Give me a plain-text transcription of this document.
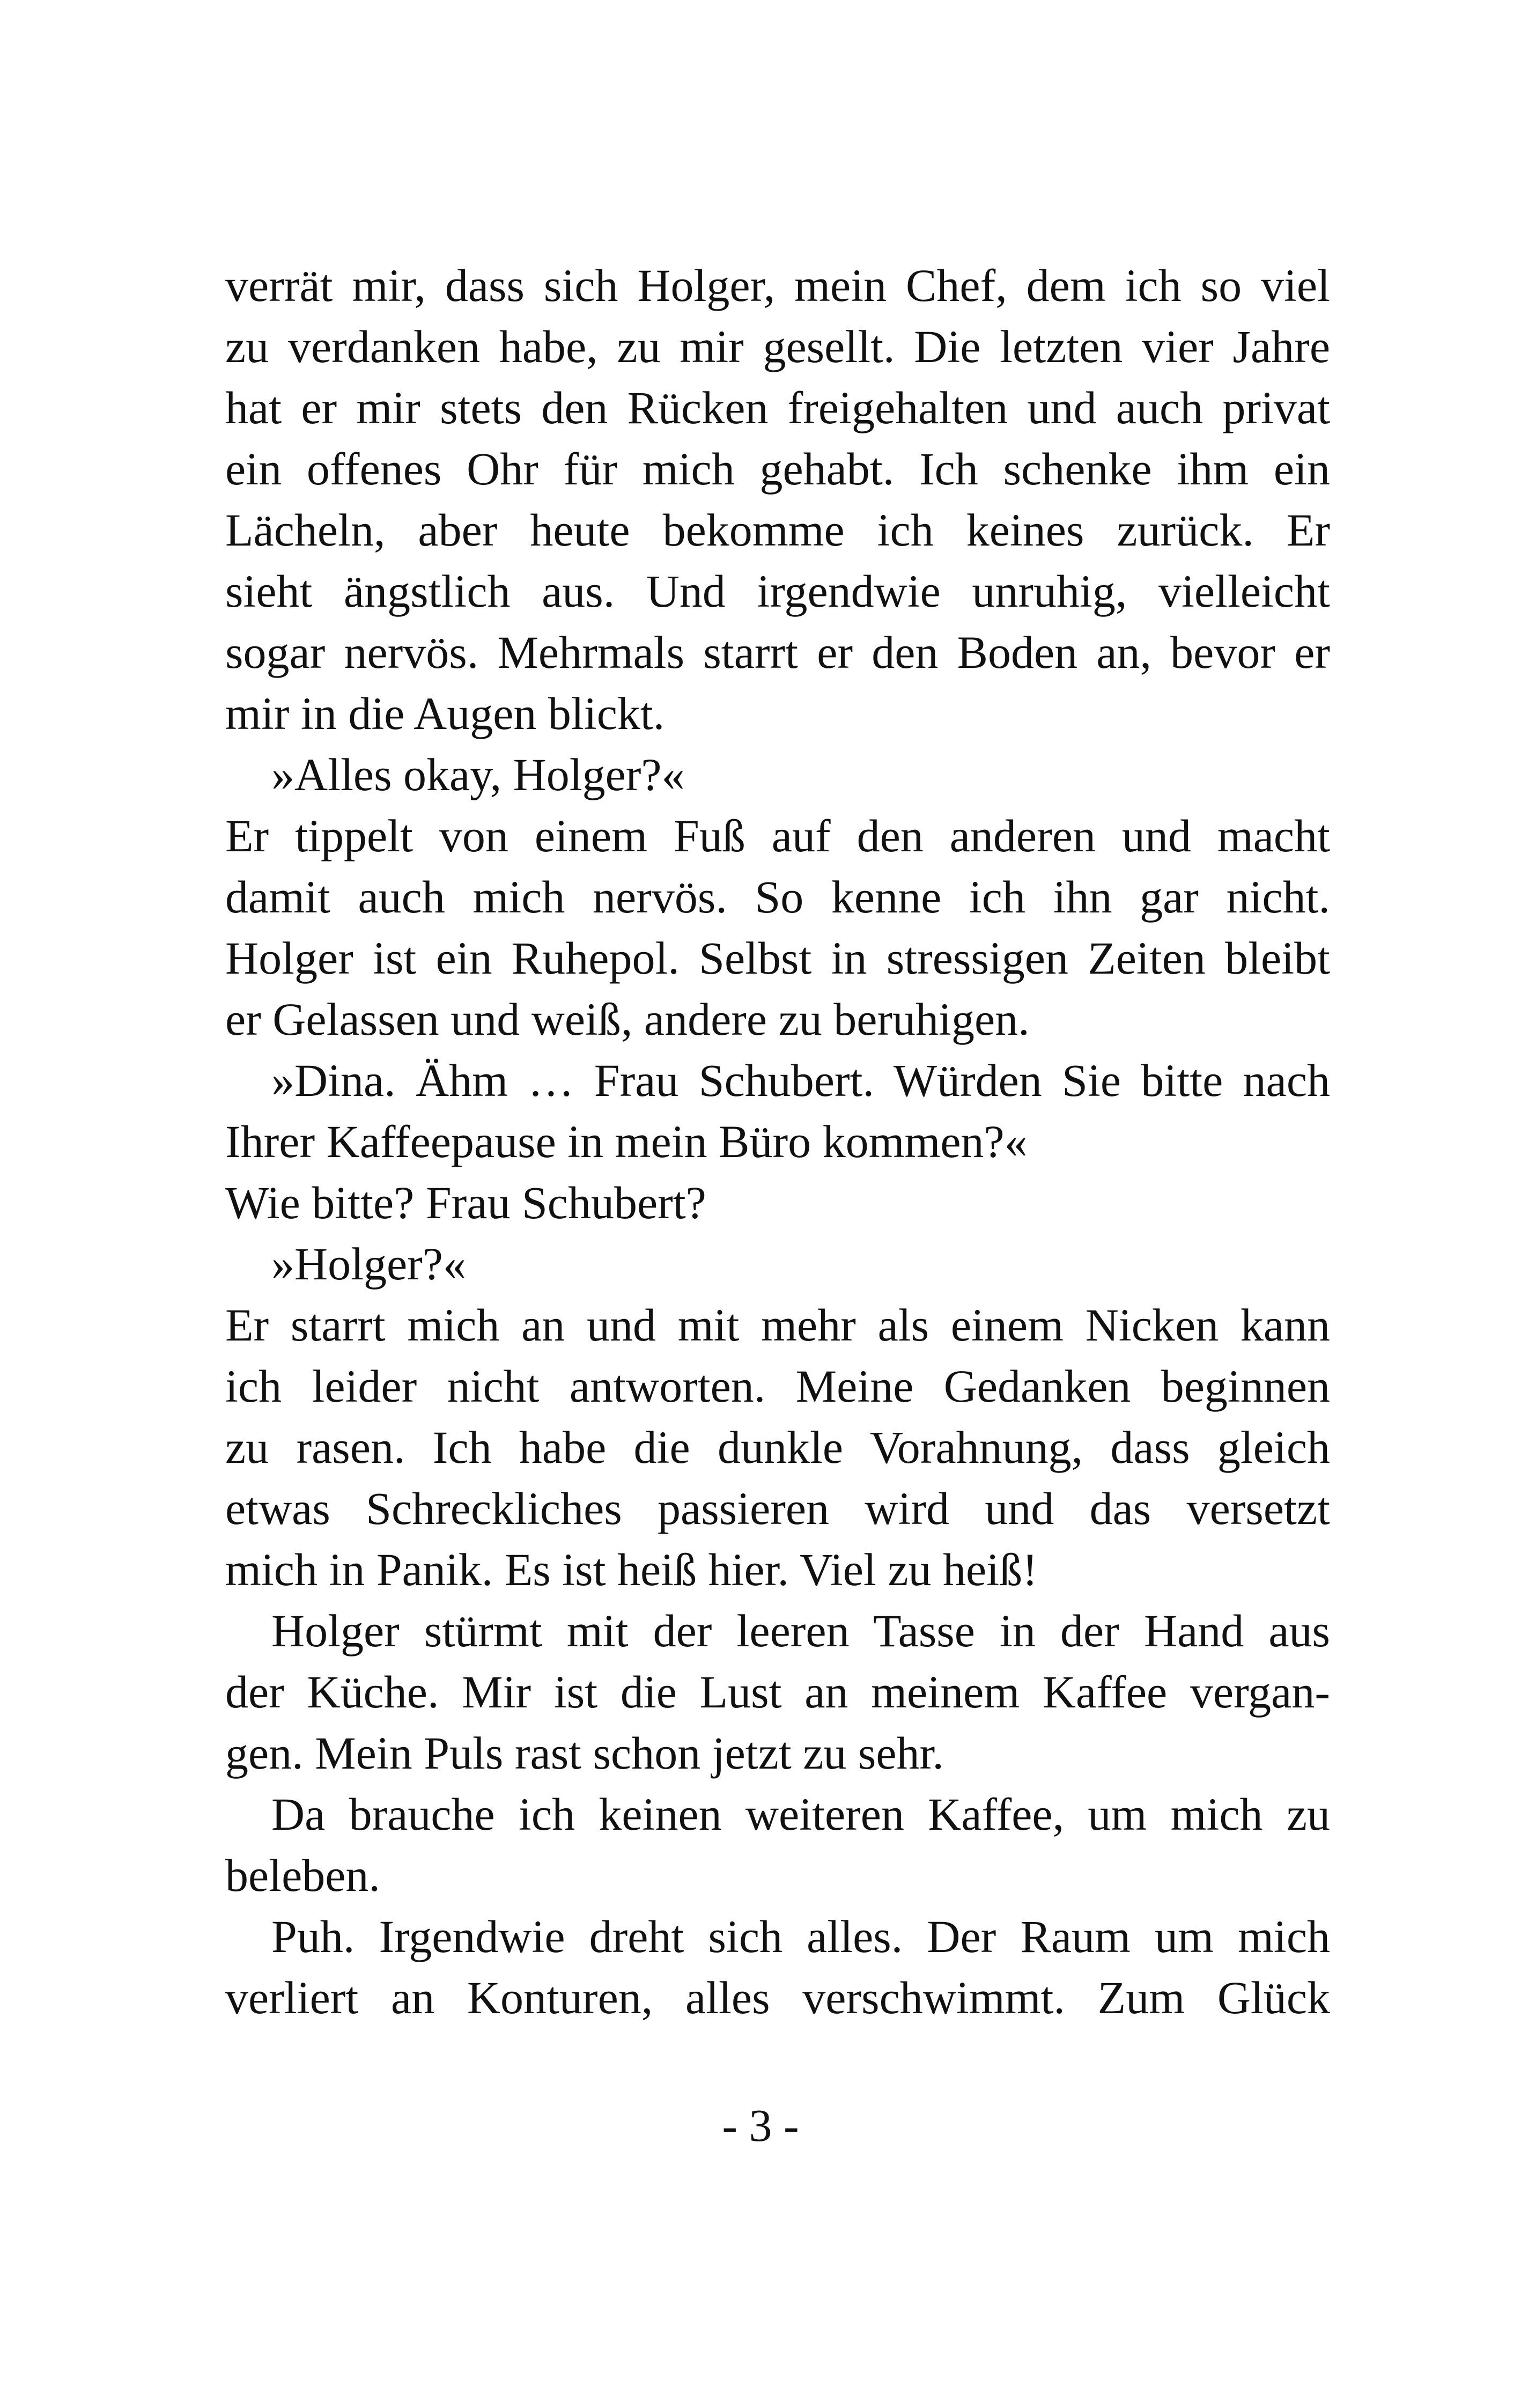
verrät mir, dass sich Holger, mein Chef, dem ich so viel
zu verdanken habe, zu mir gesellt. Die letzten vier Jahre
hat er mir stets den Rücken freigehalten und auch privat
ein offenes Ohr für mich gehabt. Ich schenke ihm ein
Lächeln, aber heute bekomme ich keines zurück. Er
sieht ängstlich aus. Und irgendwie unruhig, vielleicht
sogar nervös. Mehrmals starrt er den Boden an, bevor er
mir in die Augen blickt.
»Alles okay, Holger?«
Er tippelt von einem Fuß auf den anderen und macht
damit auch mich nervös. So kenne ich ihn gar nicht.
Holger ist ein Ruhepol. Selbst in stressigen Zeiten bleibt
er Gelassen und weiß, andere zu beruhigen.
»Dina. Ähm … Frau Schubert. Würden Sie bitte nach
Ihrer Kaffeepause in mein Büro kommen?«
Wie bitte? Frau Schubert?
»Holger?«
Er starrt mich an und mit mehr als einem Nicken kann
ich leider nicht antworten. Meine Gedanken beginnen
zu rasen. Ich habe die dunkle Vorahnung, dass gleich
etwas Schreckliches passieren wird und das versetzt
mich in Panik. Es ist heiß hier. Viel zu heiß!
Holger stürmt mit der leeren Tasse in der Hand aus
der Küche. Mir ist die Lust an meinem Kaffee vergan-
gen. Mein Puls rast schon jetzt zu sehr.
Da brauche ich keinen weiteren Kaffee, um mich zu
beleben.
Puh. Irgendwie dreht sich alles. Der Raum um mich
verliert an Konturen, alles verschwimmt. Zum Glück
- 3 -
